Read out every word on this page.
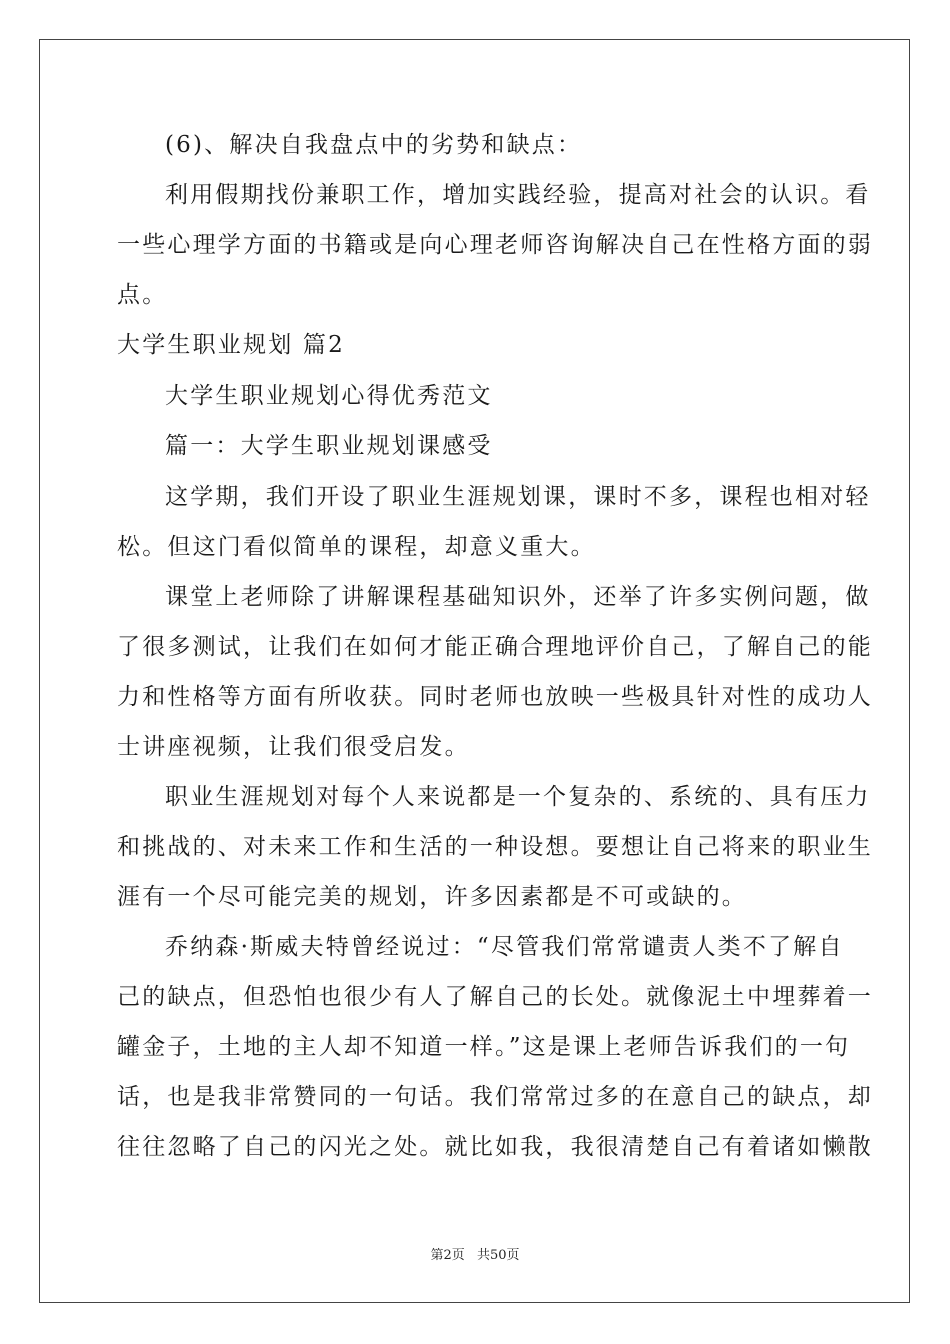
(6)、解决自我盘点中的劣势和缺点：
利用假期找份兼职工作，增加实践经验，提高对社会的认识。看
一些心理学方面的书籍或是向心理老师咨询解决自己在性格方面的弱
点。
大学生职业规划 篇2
大学生职业规划心得优秀范文
篇一：大学生职业规划课感受
这学期，我们开设了职业生涯规划课，课时不多，课程也相对轻
松。但这门看似简单的课程，却意义重大。
课堂上老师除了讲解课程基础知识外，还举了许多实例问题，做
了很多测试，让我们在如何才能正确合理地评价自己，了解自己的能
力和性格等方面有所收获。同时老师也放映一些极具针对性的成功人
士讲座视频，让我们很受启发。
职业生涯规划对每个人来说都是一个复杂的、系统的、具有压力
和挑战的、对未来工作和生活的一种设想。要想让自己将来的职业生
涯有一个尽可能完美的规划，许多因素都是不可或缺的。
乔纳森·斯威夫特曾经说过：“尽管我们常常谴责人类不了解自
己的缺点，但恐怕也很少有人了解自己的长处。就像泥土中埋葬着一
罐金子，土地的主人却不知道一样。”这是课上老师告诉我们的一句
话，也是我非常赞同的一句话。我们常常过多的在意自己的缺点，却
往往忽略了自己的闪光之处。就比如我，我很清楚自己有着诸如懒散
第2页 共50页
